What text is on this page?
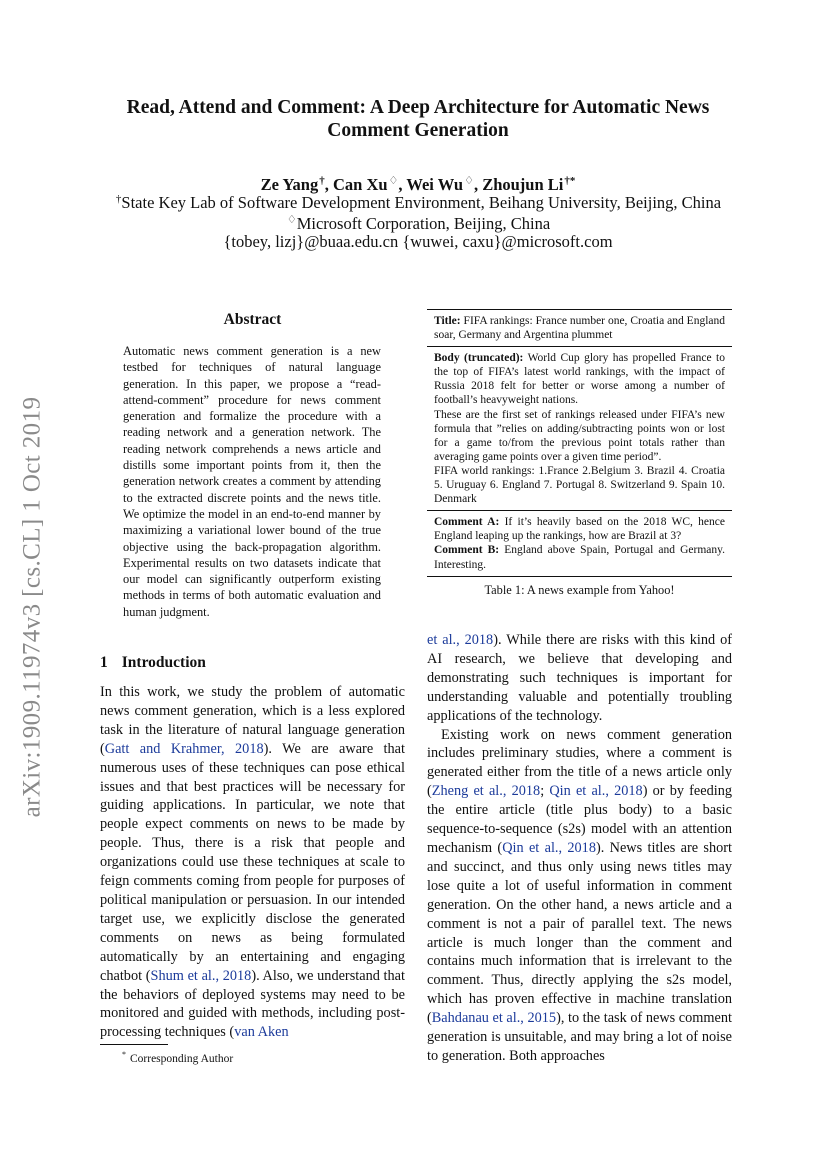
arXiv:1909.11974v3 [cs.CL] 1 Oct 2019
Read, Attend and Comment: A Deep Architecture for Automatic News Comment Generation
Ze Yang†, Can Xu♢, Wei Wu♢, Zhoujun Li†*
†State Key Lab of Software Development Environment, Beihang University, Beijing, China
♢Microsoft Corporation, Beijing, China
{tobey, lizj}@buaa.edu.cn {wuwei, caxu}@microsoft.com
Abstract
Automatic news comment generation is a new testbed for techniques of natural language generation. In this paper, we propose a “read-attend-comment” procedure for news comment generation and formalize the procedure with a reading network and a generation network. The reading network comprehends a news article and distills some important points from it, then the generation network creates a comment by attending to the extracted discrete points and the news title. We optimize the model in an end-to-end manner by maximizing a variational lower bound of the true objective using the back-propagation algorithm. Experimental results on two datasets indicate that our model can significantly outperform existing methods in terms of both automatic evaluation and human judgment.
1 Introduction

In this work, we study the problem of automatic news comment generation, which is a less explored task in the literature of natural language generation (Gatt and Krahmer, 2018). We are aware that numerous uses of these techniques can pose ethical issues and that best practices will be necessary for guiding applications. In particular, we note that people expect comments on news to be made by people. Thus, there is a risk that people and organizations could use these techniques at scale to feign comments coming from people for purposes of political manipulation or persuasion. In our intended target use, we explicitly disclose the generated comments on news as being formulated automatically by an entertaining and engaging chatbot (Shum et al., 2018). Also, we understand that the behaviors of deployed systems may need to be monitored and guided with methods, including post-processing techniques (van Aken

* Corresponding Author
Title: FIFA rankings: France number one, Croatia and England soar, Germany and Argentina plummet
Body (truncated): World Cup glory has propelled France to the top of FIFA’s latest world rankings, with the impact of Russia 2018 felt for better or worse among a number of football’s heavyweight nations.
These are the first set of rankings released under FIFA’s new formula that ”relies on adding/subtracting points won or lost for a game to/from the previous point totals rather than averaging game points over a given time period”.
FIFA world rankings: 1.France 2.Belgium 3. Brazil 4. Croatia 5. Uruguay 6. England 7. Portugal 8. Switzerland 9. Spain 10. Denmark
Comment A: If it’s heavily based on the 2018 WC, hence England leaping up the rankings, how are Brazil at 3?
Comment B: England above Spain, Portugal and Germany. Interesting.
Table 1: A news example from Yahoo!

et al., 2018). While there are risks with this kind of AI research, we believe that developing and demonstrating such techniques is important for understanding valuable and potentially troubling applications of the technology.

Existing work on news comment generation includes preliminary studies, where a comment is generated either from the title of a news article only (Zheng et al., 2018; Qin et al., 2018) or by feeding the entire article (title plus body) to a basic sequence-to-sequence (s2s) model with an attention mechanism (Qin et al., 2018). News titles are short and succinct, and thus only using news titles may lose quite a lot of useful information in comment generation. On the other hand, a news article and a comment is not a pair of parallel text. The news article is much longer than the comment and contains much information that is irrelevant to the comment. Thus, directly applying the s2s model, which has proven effective in machine translation (Bahdanau et al., 2015), to the task of news comment generation is unsuitable, and may bring a lot of noise to generation. Both approaches
